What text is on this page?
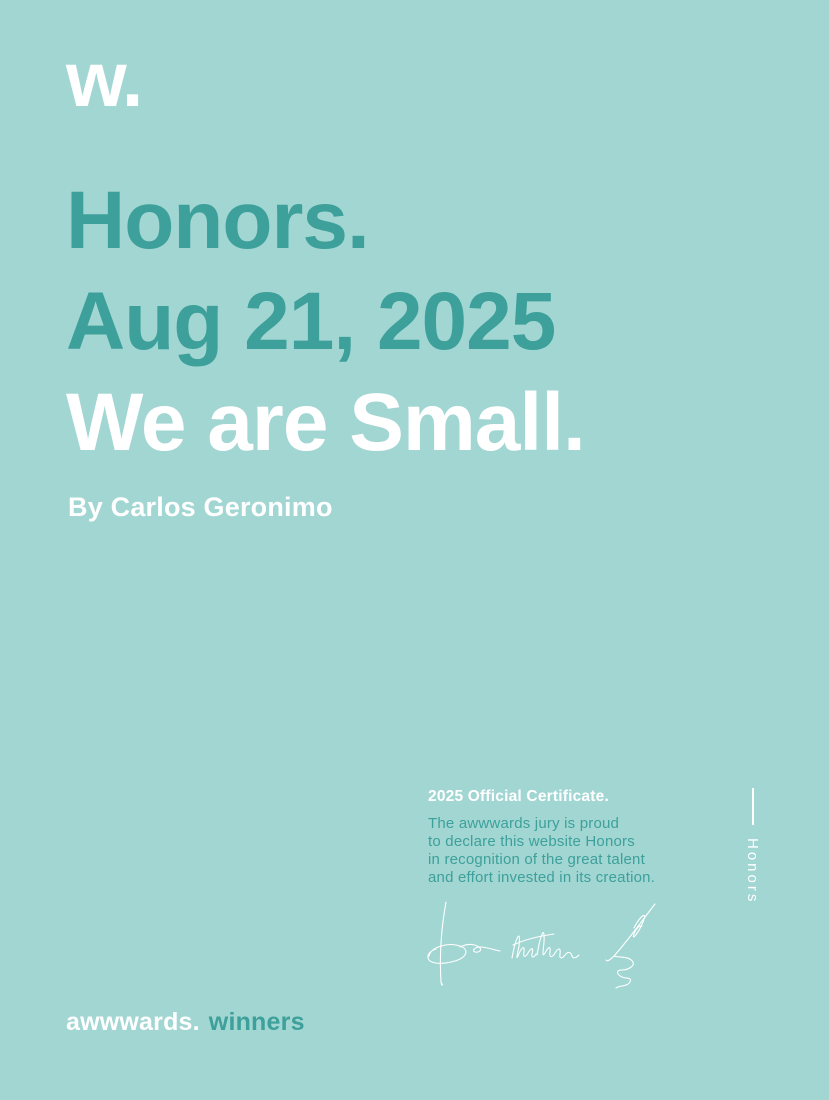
w.
Honors.
Aug 21, 2025
We are Small.
By Carlos Geronimo
2025 Official Certificate.
The awwwards jury is proud
to declare this website Honors
in recognition of the great talent
and effort invested in its creation.	Honors
awwwards. winners
